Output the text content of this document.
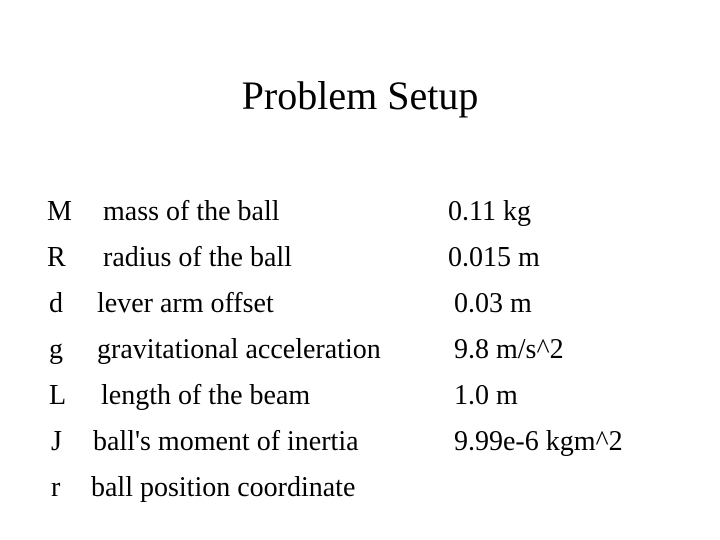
Problem Setup
M mass of the ball	0.11 kg
R radius of the ball	0.015 m
d lever arm offset	0.03 m
g gravitational acceleration	9.8 m/s^2
L length of the beam	1.0 m
J ball's moment of inertia	9.99e-6 kgm^2
r ball position coordinate
